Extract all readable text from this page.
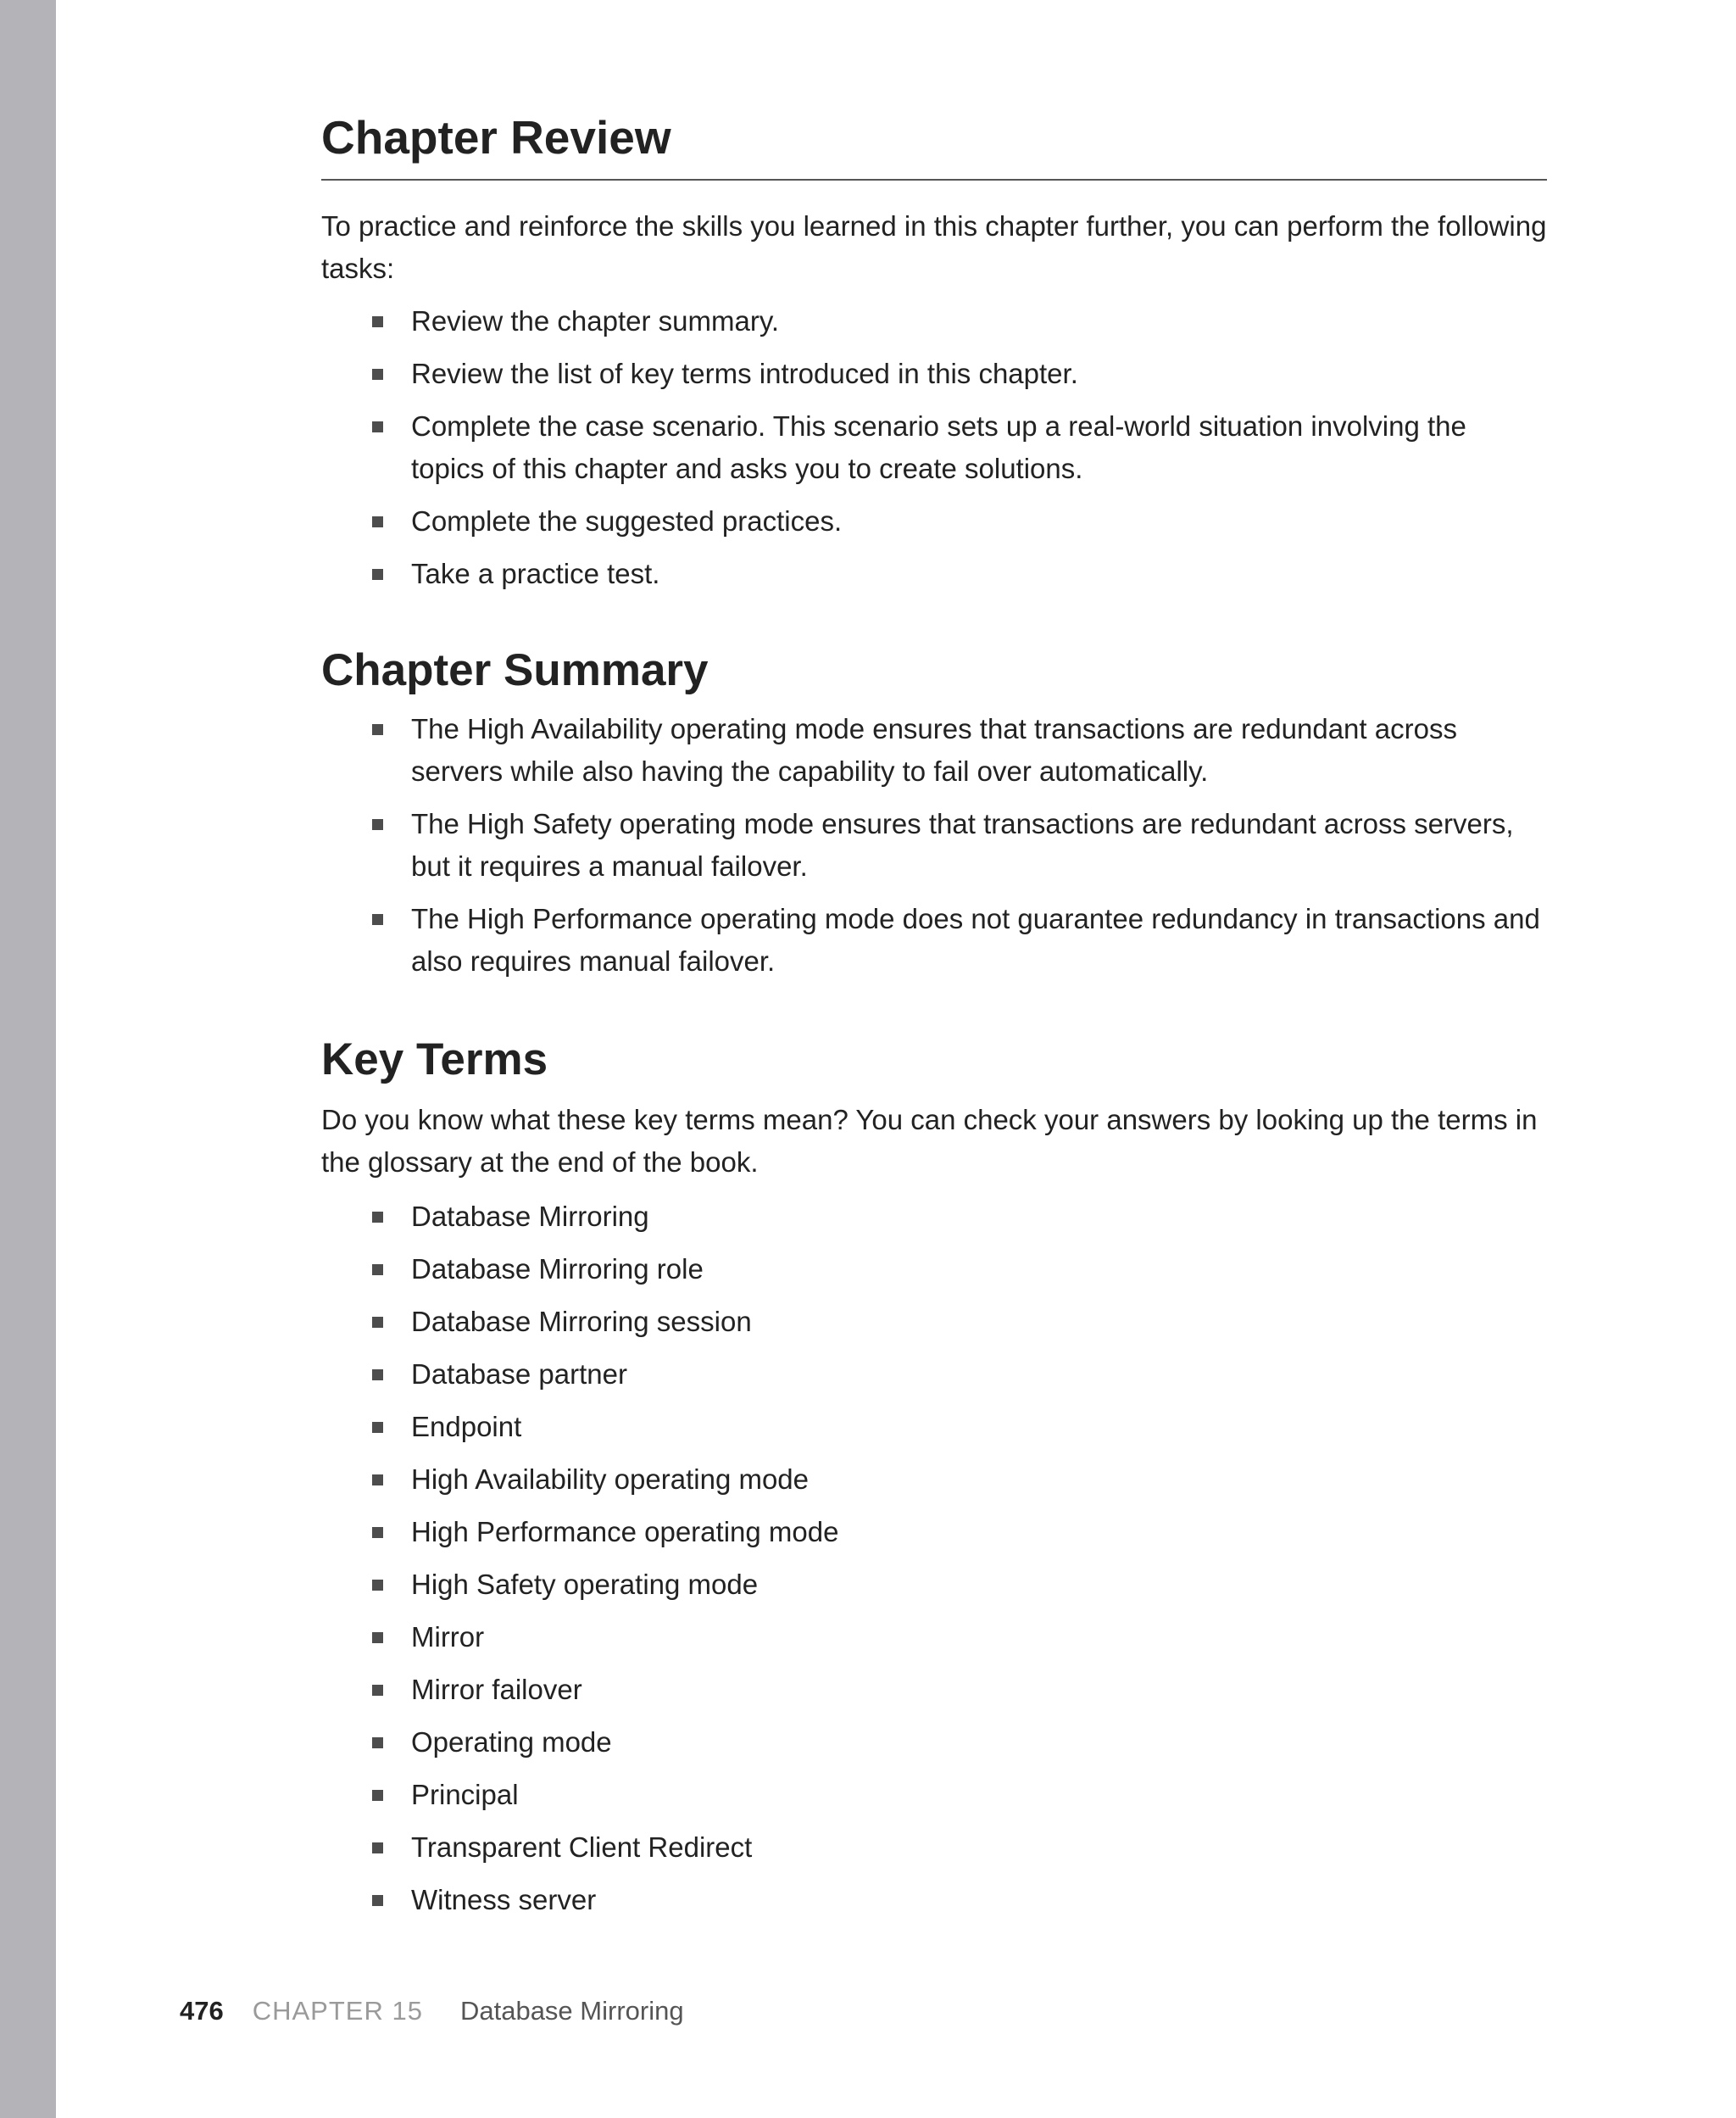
Chapter Review

To practice and reinforce the skills you learned in this chapter further, you can perform the following tasks:

Review the chapter summary.
Review the list of key terms introduced in this chapter.
Complete the case scenario. This scenario sets up a real-world situation involving the topics of this chapter and asks you to create solutions.
Complete the suggested practices.
Take a practice test.
Chapter Summary
The High Availability operating mode ensures that transactions are redundant across servers while also having the capability to fail over automatically.
The High Safety operating mode ensures that transactions are redundant across servers, but it requires a manual failover.
The High Performance operating mode does not guarantee redundancy in transactions and also requires manual failover.
Key Terms

Do you know what these key terms mean? You can check your answers by looking up the terms in the glossary at the end of the book.

Database Mirroring
Database Mirroring role
Database Mirroring session
Database partner
Endpoint
High Availability operating mode
High Performance operating mode
High Safety operating mode
Mirror
Mirror failover
Operating mode
Principal
Transparent Client Redirect
Witness server
476 CHAPTER 15 Database Mirroring
